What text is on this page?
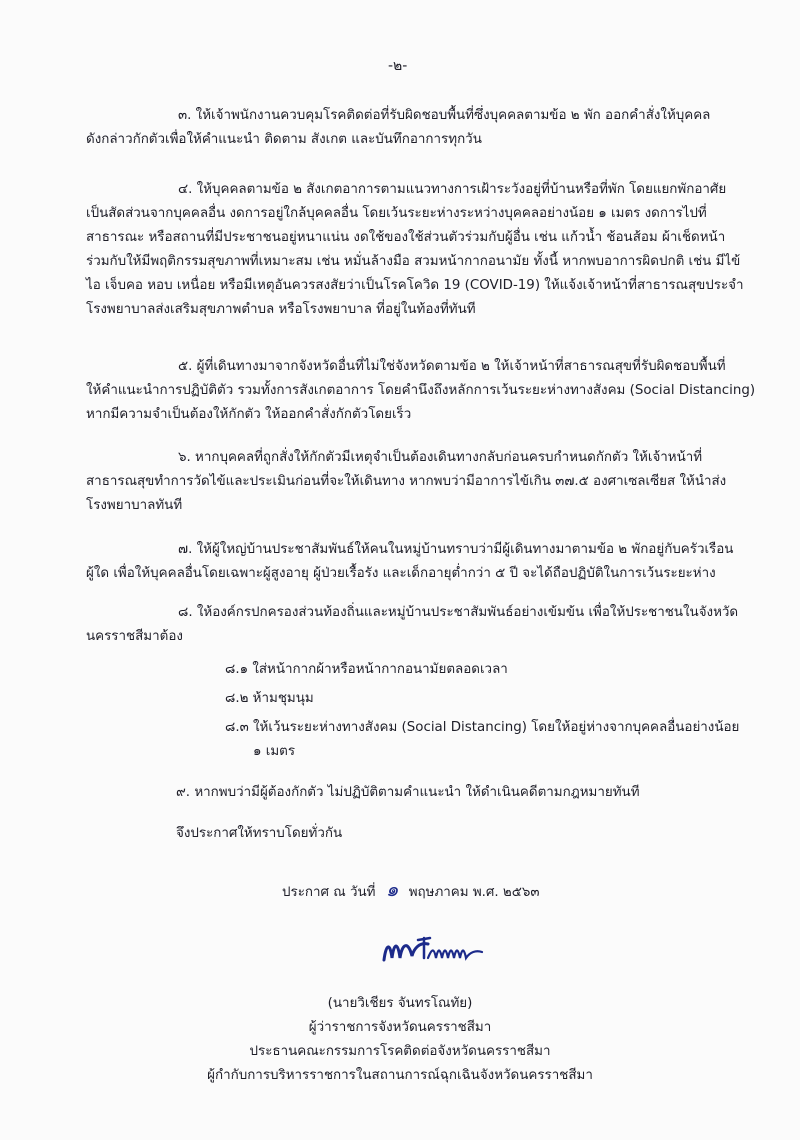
-๒-
๓. ให้เจ้าพนักงานควบคุมโรคติดต่อที่รับผิดชอบพื้นที่ซึ่งบุคคลตามข้อ ๒ พัก ออกคำสั่งให้บุคคล
ดังกล่าวกักตัวเพื่อให้คำแนะนำ ติดตาม สังเกต และบันทึกอาการทุกวัน
๔. ให้บุคคลตามข้อ ๒ สังเกตอาการตามแนวทางการเฝ้าระวังอยู่ที่บ้านหรือที่พัก โดยแยกพักอาศัย
เป็นสัดส่วนจากบุคคลอื่น งดการอยู่ใกล้บุคคลอื่น โดยเว้นระยะห่างระหว่างบุคคลอย่างน้อย ๑ เมตร งดการไปที่
สาธารณะ หรือสถานที่มีประชาชนอยู่หนาแน่น งดใช้ของใช้ส่วนตัวร่วมกับผู้อื่น เช่น แก้วน้ำ ช้อนส้อม ผ้าเช็ดหน้า
ร่วมกับให้มีพฤติกรรมสุขภาพที่เหมาะสม เช่น หมั่นล้างมือ สวมหน้ากากอนามัย ทั้งนี้ หากพบอาการผิดปกติ เช่น มีไข้
ไอ เจ็บคอ หอบ เหนื่อย หรือมีเหตุอันควรสงสัยว่าเป็นโรคโควิด 19 (COVID-19) ให้แจ้งเจ้าหน้าที่สาธารณสุขประจำ
โรงพยาบาลส่งเสริมสุขภาพตำบล หรือโรงพยาบาล ที่อยู่ในท้องที่ทันที
๕. ผู้ที่เดินทางมาจากจังหวัดอื่นที่ไม่ใช่จังหวัดตามข้อ ๒ ให้เจ้าหน้าที่สาธารณสุขที่รับผิดชอบพื้นที่
ให้คำแนะนำการปฏิบัติตัว รวมทั้งการสังเกตอาการ โดยคำนึงถึงหลักการเว้นระยะห่างทางสังคม (Social Distancing)
หากมีความจำเป็นต้องให้กักตัว ให้ออกคำสั่งกักตัวโดยเร็ว
๖. หากบุคคลที่ถูกสั่งให้กักตัวมีเหตุจำเป็นต้องเดินทางกลับก่อนครบกำหนดกักตัว ให้เจ้าหน้าที่
สาธารณสุขทำการวัดไข้และประเมินก่อนที่จะให้เดินทาง หากพบว่ามีอาการไข้เกิน ๓๗.๕ องศาเซลเซียส ให้นำส่ง
โรงพยาบาลทันที
๗. ให้ผู้ใหญ่บ้านประชาสัมพันธ์ให้คนในหมู่บ้านทราบว่ามีผู้เดินทางมาตามข้อ ๒ พักอยู่กับครัวเรือน
ผู้ใด เพื่อให้บุคคลอื่นโดยเฉพาะผู้สูงอายุ ผู้ป่วยเรื้อรัง และเด็กอายุต่ำกว่า ๕ ปี จะได้ถือปฏิบัติในการเว้นระยะห่าง
๘. ให้องค์กรปกครองส่วนท้องถิ่นและหมู่บ้านประชาสัมพันธ์อย่างเข้มข้น เพื่อให้ประชาชนในจังหวัด
นครราชสีมาต้อง
๘.๑ ใส่หน้ากากผ้าหรือหน้ากากอนามัยตลอดเวลา
๘.๒ ห้ามชุมนุม
๘.๓ ให้เว้นระยะห่างทางสังคม (Social Distancing) โดยให้อยู่ห่างจากบุคคลอื่นอย่างน้อย
๑ เมตร
๙. หากพบว่ามีผู้ต้องกักตัว ไม่ปฏิบัติตามคำแนะนำ ให้ดำเนินคดีตามกฎหมายทันที
จึงประกาศให้ทราบโดยทั่วกัน
ประกาศ ณ วันที่ ๑ พฤษภาคม พ.ศ. ๒๕๖๓
(นายวิเชียร จันทรโณทัย)
ผู้ว่าราชการจังหวัดนครราชสีมา
ประธานคณะกรรมการโรคติดต่อจังหวัดนครราชสีมา
ผู้กำกับการบริหารราชการในสถานการณ์ฉุกเฉินจังหวัดนครราชสีมา
